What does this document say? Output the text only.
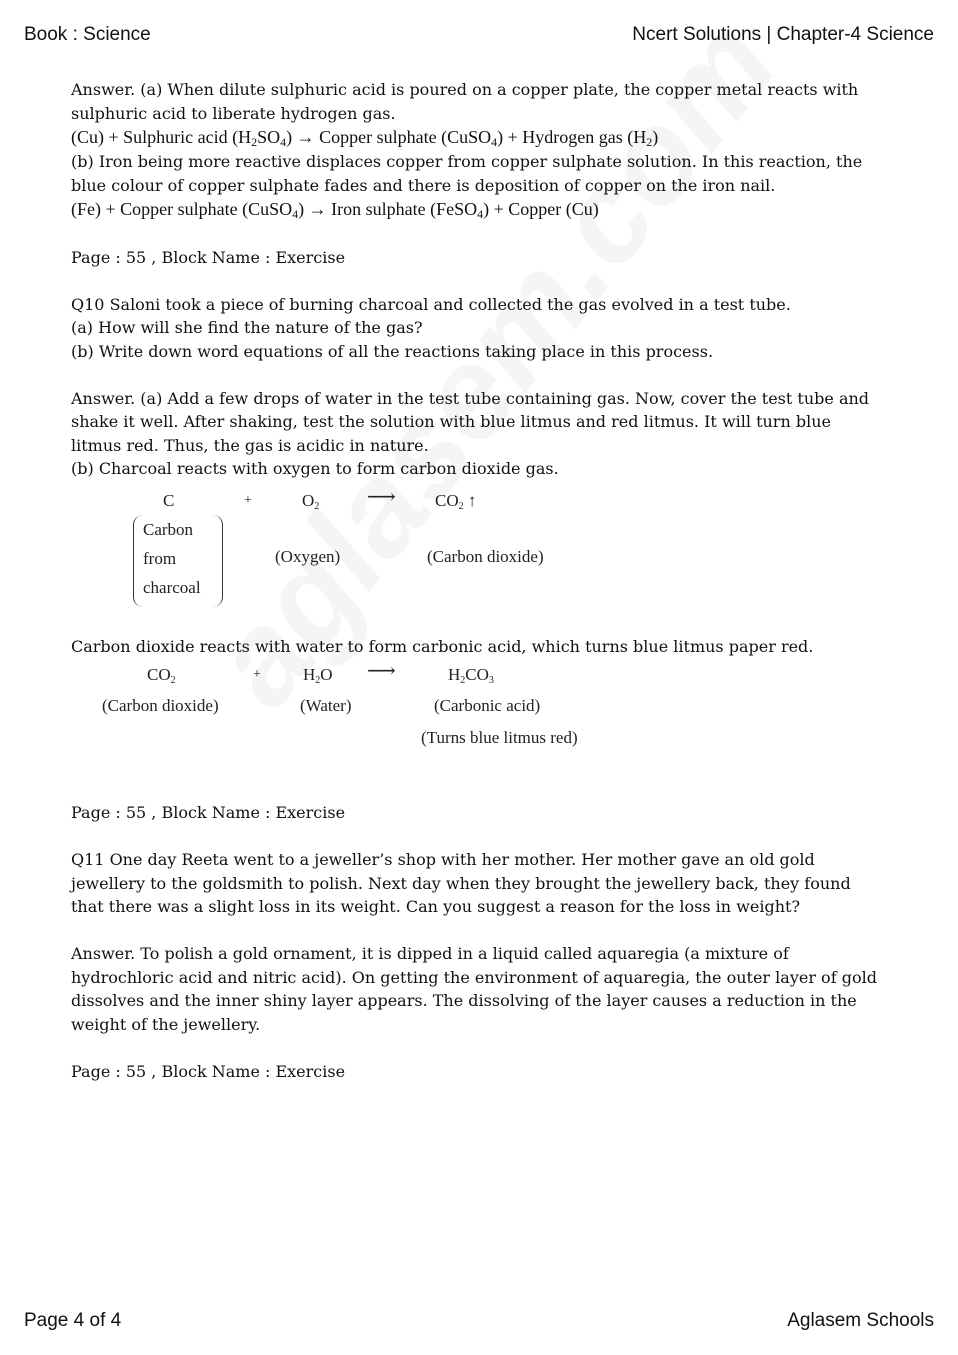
Book : Science	Ncert Solutions | Chapter-4 Science

Answer. (a) When dilute sulphuric acid is poured on a copper plate, the copper metal reacts with sulphuric acid to liberate hydrogen gas.

(Cu) + Sulphuric acid $(H_2SO_4)$ → Copper sulphate (CuSO$_4$) + Hydrogen gas $(H_2)$

(b) Iron being more reactive displaces copper from copper sulphate solution. In this reaction, the blue colour of copper sulphate fades and there is deposition of copper on the iron nail.

(Fe) + Copper sulphate (CuSO$_4$) → Iron sulphate (FeSO$_4$) + Copper (Cu)

Page : 55 , Block Name : Exercise

Q10 Saloni took a piece of burning charcoal and collected the gas evolved in a test tube.

(a) How will she find the nature of the gas?

(b) Write down word equations of all the reactions taking place in this process.

Answer. (a) Add a few drops of water in the test tube containing gas. Now, cover the test tube and shake it well. After shaking, test the solution with blue litmus and red litmus. It will turn blue litmus red. Thus, the gas is acidic in nature.

(b) Charcoal reacts with oxygen to form carbon dioxide gas.

C	+	$O_2$ ⟶ $CO_2$ ↑
Carbon
from
charcoal
(Oxygen)	(Carbon dioxide)

Carbon dioxide reacts with water to form carbonic acid, which turns blue litmus paper red.

$CO_2$	+ $H_2O$ ⟶	$H_2CO_3$
(Carbon dioxide)	(Water)	(Carbonic acid)
(Turns blue litmus red)

Page : 55 , Block Name : Exercise

Q11 One day Reeta went to a jeweller’s shop with her mother. Her mother gave an old gold jewellery to the goldsmith to polish. Next day when they brought the jewellery back, they found that there was a slight loss in its weight. Can you suggest a reason for the loss in weight?

Answer. To polish a gold ornament, it is dipped in a liquid called aquaregia (a mixture of hydrochloric acid and nitric acid). On getting the environment of aquaregia, the outer layer of gold dissolves and the inner shiny layer appears. The dissolving of the layer causes a reduction in the weight of the jewellery.

Page : 55 , Block Name : Exercise

Page 4 of 4	Aglasem Schools
